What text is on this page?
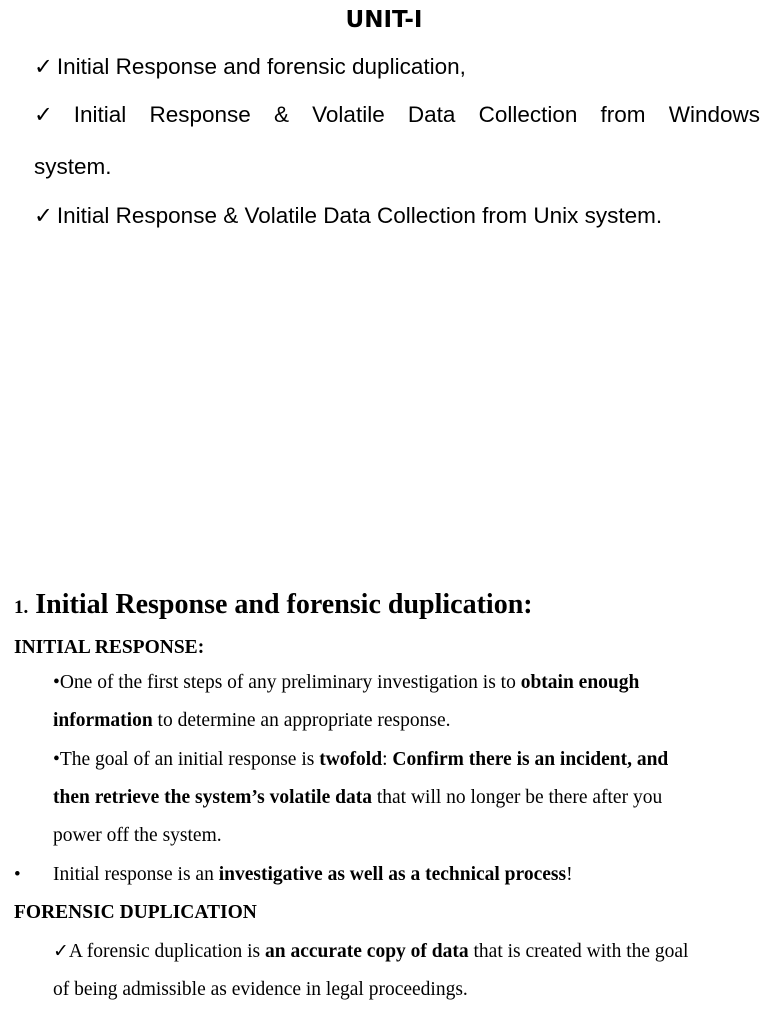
UNIT-I
✓ Initial Response and forensic duplication,
✓ Initial Response & Volatile Data Collection from Windows
system.
✓ Initial Response & Volatile Data Collection from Unix system.
1. Initial Response and forensic duplication:
INITIAL RESPONSE:
•One of the first steps of any preliminary investigation is to obtain enough
information to determine an appropriate response.
•The goal of an initial response is twofold: Confirm there is an incident, and
then retrieve the system’s volatile data that will no longer be there after you
power off the system.
• Initial response is an investigative as well as a technical process!
FORENSIC DUPLICATION
✓A forensic duplication is an accurate copy of data that is created with the goal
of being admissible as evidence in legal proceedings.
